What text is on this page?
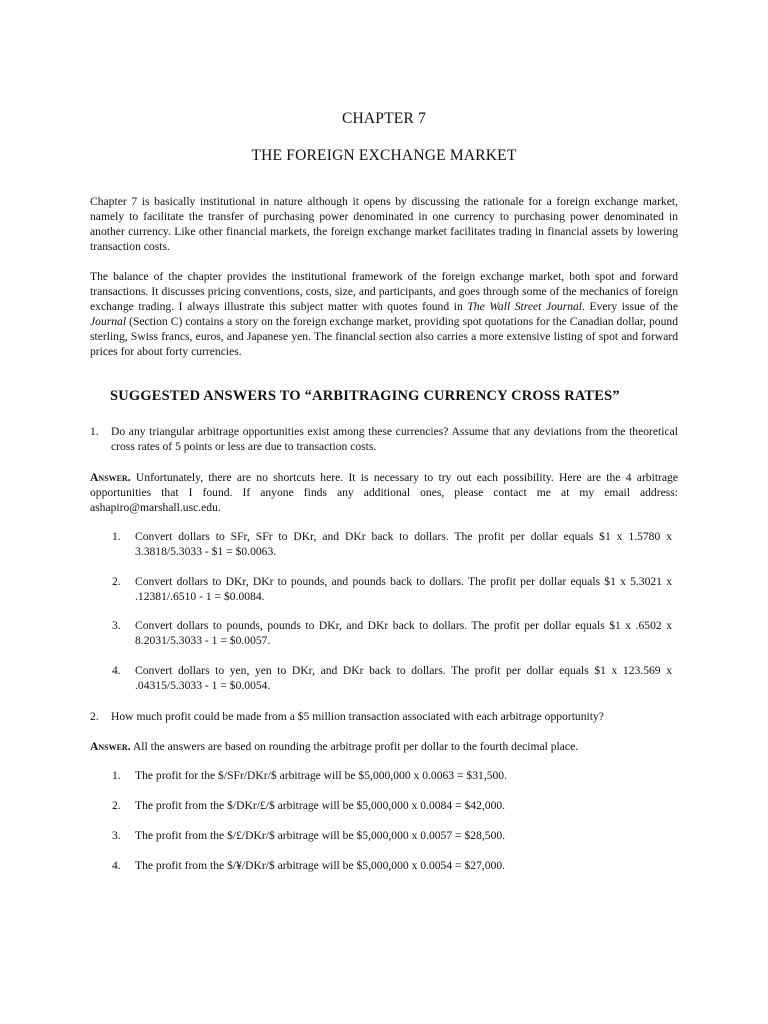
CHAPTER 7
THE FOREIGN EXCHANGE MARKET
Chapter 7 is basically institutional in nature although it opens by discussing the rationale for a foreign exchange market, namely to facilitate the transfer of purchasing power denominated in one currency to purchasing power denominated in another currency. Like other financial markets, the foreign exchange market facilitates trading in financial assets by lowering transaction costs.
The balance of the chapter provides the institutional framework of the foreign exchange market, both spot and forward transactions. It discusses pricing conventions, costs, size, and participants, and goes through some of the mechanics of foreign exchange trading. I always illustrate this subject matter with quotes found in The Wall Street Journal. Every issue of the Journal (Section C) contains a story on the foreign exchange market, providing spot quotations for the Canadian dollar, pound sterling, Swiss francs, euros, and Japanese yen. The financial section also carries a more extensive listing of spot and forward prices for about forty currencies.
SUGGESTED ANSWERS TO “ARBITRAGING CURRENCY CROSS RATES”
1. Do any triangular arbitrage opportunities exist among these currencies? Assume that any deviations from the theoretical cross rates of 5 points or less are due to transaction costs.
Answer. Unfortunately, there are no shortcuts here. It is necessary to try out each possibility. Here are the 4 arbitrage opportunities that I found. If anyone finds any additional ones, please contact me at my email address: ashapiro@marshall.usc.edu.
1. Convert dollars to SFr, SFr to DKr, and DKr back to dollars. The profit per dollar equals $1 x 1.5780 x 3.3818/5.3033 - $1 = $0.0063.
2. Convert dollars to DKr, DKr to pounds, and pounds back to dollars. The profit per dollar equals $1 x 5.3021 x .12381/.6510 - 1 = $0.0084.
3. Convert dollars to pounds, pounds to DKr, and DKr back to dollars. The profit per dollar equals $1 x .6502 x 8.2031/5.3033 - 1 = $0.0057.
4. Convert dollars to yen, yen to DKr, and DKr back to dollars. The profit per dollar equals $1 x 123.569 x .04315/5.3033 - 1 = $0.0054.
2. How much profit could be made from a $5 million transaction associated with each arbitrage opportunity?
Answer. All the answers are based on rounding the arbitrage profit per dollar to the fourth decimal place.
1. The profit for the $/SFr/DKr/$ arbitrage will be $5,000,000 x 0.0063 = $31,500.
2. The profit from the $/DKr/£/$ arbitrage will be $5,000,000 x 0.0084 = $42,000.
3. The profit from the $/£/DKr/$ arbitrage will be $5,000,000 x 0.0057 = $28,500.
4. The profit from the $/¥/DKr/$ arbitrage will be $5,000,000 x 0.0054 = $27,000.
